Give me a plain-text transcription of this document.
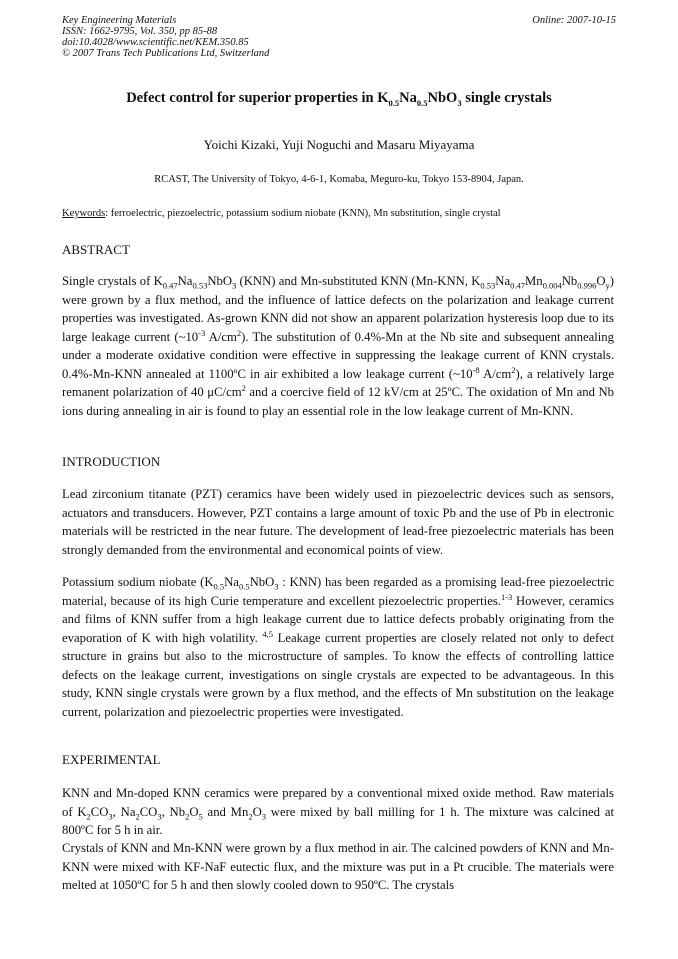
Key Engineering Materials
ISSN: 1662-9795, Vol. 350, pp 85-88
doi:10.4028/www.scientific.net/KEM.350.85
© 2007 Trans Tech Publications Ltd, Switzerland
Online: 2007-10-15
Defect control for superior properties in $K_{0.5}Na_{0.5}NbO_3$ single crystals
Yoichi Kizaki, Yuji Noguchi and Masaru Miyayama
RCAST, The University of Tokyo, 4-6-1, Komaba, Meguro-ku, Tokyo 153-8904, Japan.
Keywords: ferroelectric, piezoelectric, potassium sodium niobate (KNN), Mn substitution, single crystal
ABSTRACT
Single crystals of $K_{0.47}Na_{0.53}NbO_3$ (KNN) and Mn-substituted KNN (Mn-KNN, $K_{0.53}Na_{0.47}Mn_{0.004}Nb_{0.996}O_y$) were grown by a flux method, and the influence of lattice defects on the polarization and leakage current properties was investigated. As-grown KNN did not show an apparent polarization hysteresis loop due to its large leakage current ($\sim 10^{-3}$ $A/cm^2$). The substitution of 0.4%-Mn at the Nb site and subsequent annealing under a moderate oxidative condition were effective in suppressing the leakage current of KNN crystals. 0.4%-Mn-KNN annealed at 1100ºC in air exhibited a low leakage current ($\sim 10^{-8}$ $A/cm^2$), a relatively large remanent polarization of 40 $\mu C/cm^2$ and a coercive field of 12 kV/cm at 25ºC. The oxidation of Mn and Nb ions during annealing in air is found to play an essential role in the low leakage current of Mn-KNN.
INTRODUCTION
Lead zirconium titanate (PZT) ceramics have been widely used in piezoelectric devices such as sensors, actuators and transducers. However, PZT contains a large amount of toxic Pb and the use of Pb in electronic materials will be restricted in the near future. The development of lead-free piezoelectric materials has been strongly demanded from the environmental and economical points of view.
Potassium sodium niobate ($K_{0.5}Na_{0.5}NbO_3$ : KNN) has been regarded as a promising lead-free piezoelectric material, because of its high Curie temperature and excellent piezoelectric properties.$^{1-3}$ However, ceramics and films of KNN suffer from a high leakage current due to lattice defects probably originating from the evaporation of K with high volatility. $^{4,5}$ Leakage current properties are closely related not only to defect structure in grains but also to the microstructure of samples. To know the effects of controlling lattice defects on the leakage current, investigations on single crystals are expected to be advantageous. In this study, KNN single crystals were grown by a flux method, and the effects of Mn substitution on the leakage current, polarization and piezoelectric properties were investigated.
EXPERIMENTAL
KNN and Mn-doped KNN ceramics were prepared by a conventional mixed oxide method. Raw materials of $K_2CO_3$, $Na_2CO_3$, $Nb_2O_5$ and $Mn_2O_3$ were mixed by ball milling for 1 h. The mixture was calcined at 800ºC for 5 h in air.
Crystals of KNN and Mn-KNN were grown by a flux method in air. The calcined powders of KNN and Mn-KNN were mixed with KF-NaF eutectic flux, and the mixture was put in a Pt crucible. The materials were melted at 1050ºC for 5 h and then slowly cooled down to 950ºC. The crystals
